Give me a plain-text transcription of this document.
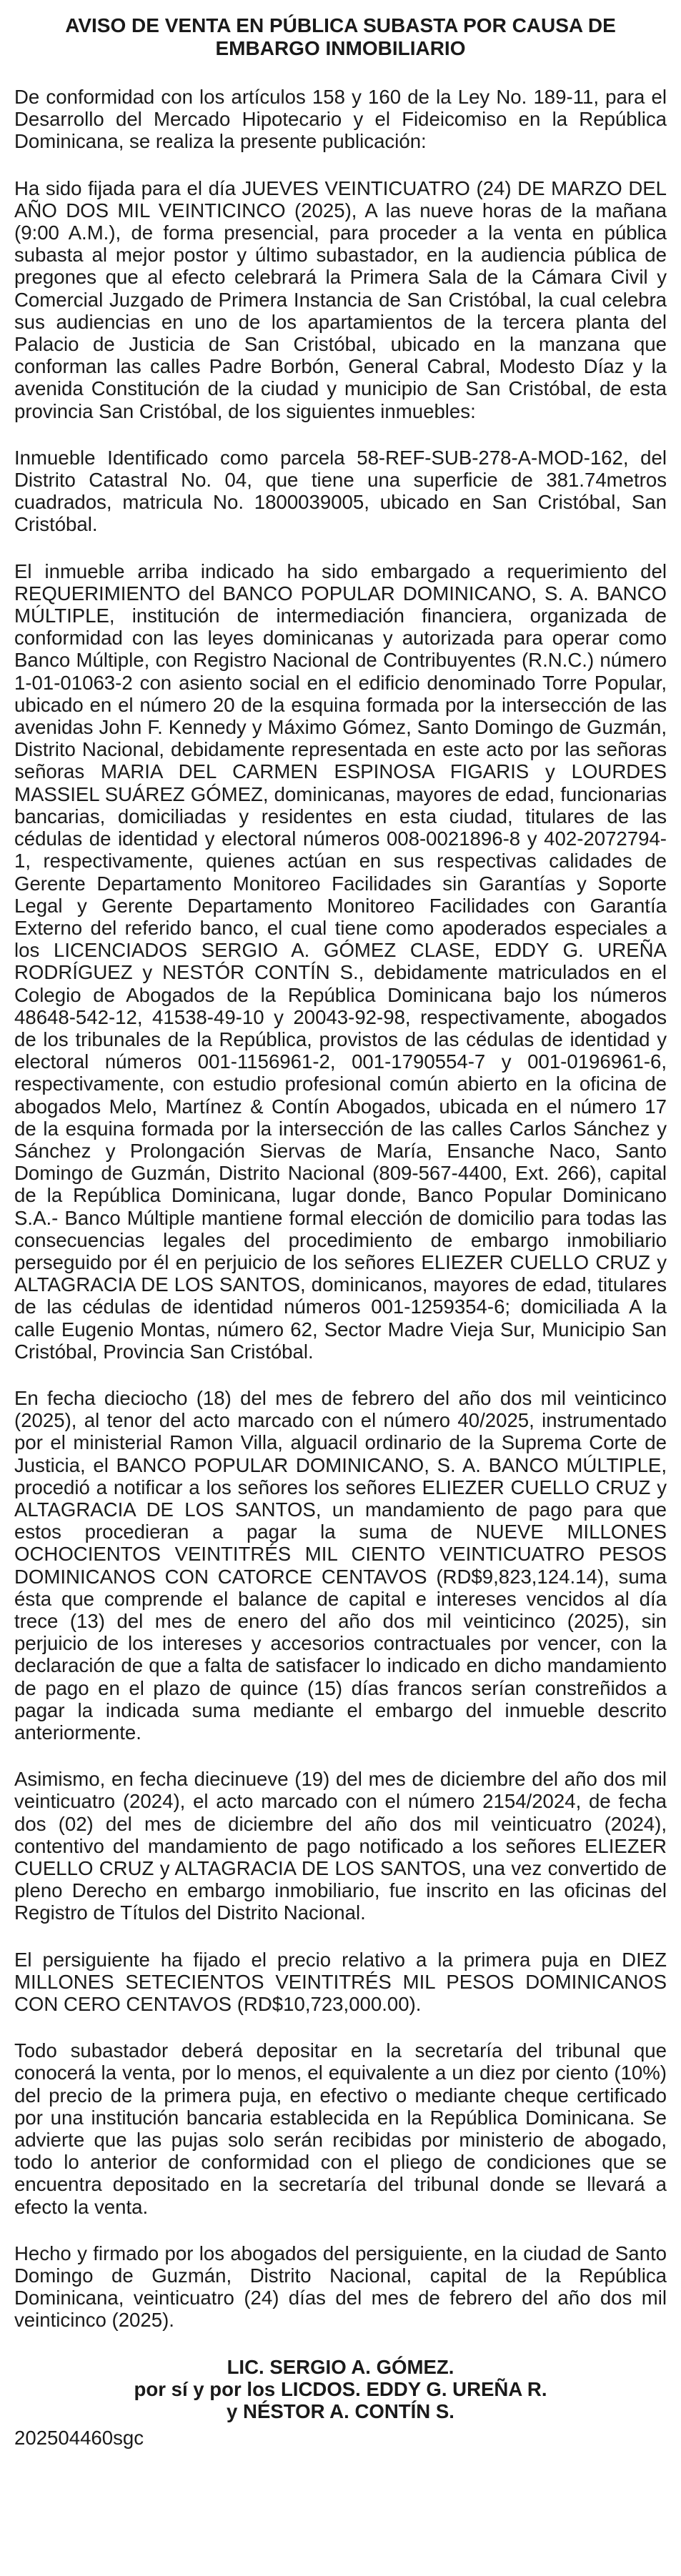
AVISO DE VENTA EN PÚBLICA SUBASTA POR CAUSA DE
EMBARGO INMOBILIARIO

De conformidad con los artículos 158 y 160 de la Ley No. 189-11, para el Desarrollo del Mercado Hipotecario y el Fideicomiso en la República Dominicana, se realiza la presente publicación:

Ha sido fijada para el día JUEVES VEINTICUATRO (24) DE MARZO DEL AÑO DOS MIL VEINTICINCO (2025), A las nueve horas de la mañana (9:00 A.M.), de forma presencial, para proceder a la venta en pública subasta al mejor postor y último subastador, en la audiencia pública de pregones que al efecto celebrará la Primera Sala de la Cámara Civil y Comercial Juzgado de Primera Instancia de San Cristóbal, la cual celebra sus audiencias en uno de los apartamientos de la tercera planta del Palacio de Justicia de San Cristóbal, ubicado en la manzana que conforman las calles Padre Borbón, General Cabral, Modesto Díaz y la avenida Constitución de la ciudad y municipio de San Cristóbal, de esta provincia San Cristóbal, de los siguientes inmuebles:

Inmueble Identificado como parcela 58-REF-SUB-278-A-MOD-162, del Distrito Catastral No. 04, que tiene una superficie de 381.74metros cuadrados, matricula No. 1800039005, ubicado en San Cristóbal, San Cristóbal.

El inmueble arriba indicado ha sido embargado a requerimiento del REQUERIMIENTO del BANCO POPULAR DOMINICANO, S. A. BANCO MÚLTIPLE, institución de intermediación financiera, organizada de conformidad con las leyes dominicanas y autorizada para operar como Banco Múltiple, con Registro Nacional de Contribuyentes (R.N.C.) número 1-01-01063-2 con asiento social en el edificio denominado Torre Popular, ubicado en el número 20 de la esquina formada por la intersección de las avenidas John F. Kennedy y Máximo Gómez, Santo Domingo de Guzmán, Distrito Nacional, debidamente representada en este acto por las señoras señoras MARIA DEL CARMEN ESPINOSA FIGARIS y LOURDES MASSIEL SUÁREZ GÓMEZ, dominicanas, mayores de edad, funcionarias bancarias, domiciliadas y residentes en esta ciudad, titulares de las cédulas de identidad y electoral números 008-0021896-8 y 402-2072794-1, respectivamente, quienes actúan en sus respectivas calidades de Gerente Departamento Monitoreo Facilidades sin Garantías y Soporte Legal y Gerente Departamento Monitoreo Facilidades con Garantía Externo del referido banco, el cual tiene como apoderados especiales a los LICENCIADOS SERGIO A. GÓMEZ CLASE, EDDY G. UREÑA RODRÍGUEZ y NESTÓR CONTÍN S., debidamente matriculados en el Colegio de Abogados de la República Dominicana bajo los números 48648-542-12, 41538-49-10 y 20043-92-98, respectivamente, abogados de los tribunales de la República, provistos de las cédulas de identidad y electoral números 001-1156961-2, 001-1790554-7 y 001-0196961-6, respectivamente, con estudio profesional común abierto en la oficina de abogados Melo, Martínez & Contín Abogados, ubicada en el número 17 de la esquina formada por la intersección de las calles Carlos Sánchez y Sánchez y Prolongación Siervas de María, Ensanche Naco, Santo Domingo de Guzmán, Distrito Nacional (809-567-4400, Ext. 266), capital de la República Dominicana, lugar donde, Banco Popular Dominicano S.A.- Banco Múltiple mantiene formal elección de domicilio para todas las consecuencias legales del procedimiento de embargo inmobiliario perseguido por él en perjuicio de los señores ELIEZER CUELLO CRUZ y ALTAGRACIA DE LOS SANTOS, dominicanos, mayores de edad, titulares de las cédulas de identidad números 001-1259354-6; domiciliada A la calle Eugenio Montas, número 62, Sector Madre Vieja Sur, Municipio San Cristóbal, Provincia San Cristóbal.

En fecha dieciocho (18) del mes de febrero del año dos mil veinticinco (2025), al tenor del acto marcado con el número 40/2025, instrumentado por el ministerial Ramon Villa, alguacil ordinario de la Suprema Corte de Justicia, el BANCO POPULAR DOMINICANO, S. A. BANCO MÚLTIPLE, procedió a notificar a los señores los señores ELIEZER CUELLO CRUZ y ALTAGRACIA DE LOS SANTOS, un mandamiento de pago para que estos procedieran a pagar la suma de NUEVE MILLONES OCHOCIENTOS VEINTITRÉS MIL CIENTO VEINTICUATRO PESOS DOMINICANOS CON CATORCE CENTAVOS (RD$9,823,124.14), suma ésta que comprende el balance de capital e intereses vencidos al día trece (13) del mes de enero del año dos mil veinticinco (2025), sin perjuicio de los intereses y accesorios contractuales por vencer, con la declaración de que a falta de satisfacer lo indicado en dicho mandamiento de pago en el plazo de quince (15) días francos serían constreñidos a pagar la indicada suma mediante el embargo del inmueble descrito anteriormente.

Asimismo, en fecha diecinueve (19) del mes de diciembre del año dos mil veinticuatro (2024), el acto marcado con el número 2154/2024, de fecha dos (02) del mes de diciembre del año dos mil veinticuatro (2024), contentivo del mandamiento de pago notificado a los señores ELIEZER CUELLO CRUZ y ALTAGRACIA DE LOS SANTOS, una vez convertido de pleno Derecho en embargo inmobiliario, fue inscrito en las oficinas del Registro de Títulos del Distrito Nacional.

El persiguiente ha fijado el precio relativo a la primera puja en DIEZ MILLONES SETECIENTOS VEINTITRÉS MIL PESOS DOMINICANOS CON CERO CENTAVOS (RD$10,723,000.00).

Todo subastador deberá depositar en la secretaría del tribunal que conocerá la venta, por lo menos, el equivalente a un diez por ciento (10%) del precio de la primera puja, en efectivo o mediante cheque certificado por una institución bancaria establecida en la República Dominicana. Se advierte que las pujas solo serán recibidas por ministerio de abogado, todo lo anterior de conformidad con el pliego de condiciones que se encuentra depositado en la secretaría del tribunal donde se llevará a efecto la venta.

Hecho y firmado por los abogados del persiguiente, en la ciudad de Santo Domingo de Guzmán, Distrito Nacional, capital de la República Dominicana, veinticuatro (24) días del mes de febrero del año dos mil veinticinco (2025).

LIC. SERGIO A. GÓMEZ.
por sí y por los LICDOS. EDDY G. UREÑA R.
y NÉSTOR A. CONTÍN S.
202504460sgc
